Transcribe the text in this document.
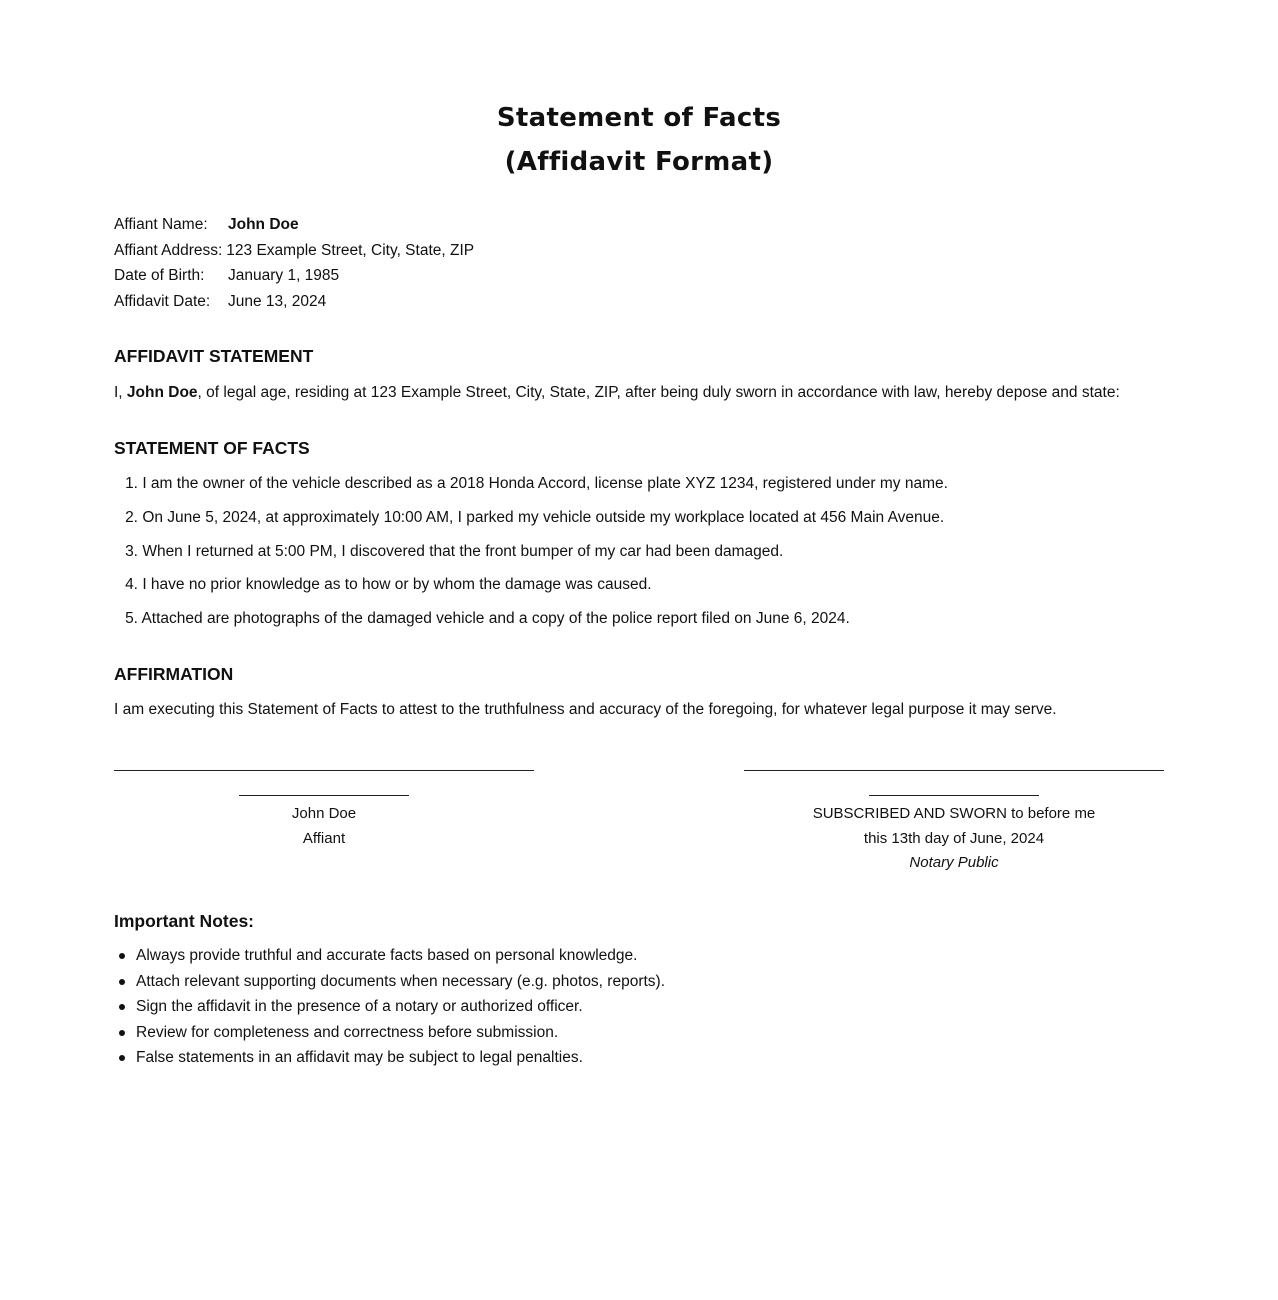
Statement of Facts
(Affidavit Format)
Affiant Name: John Doe
Affiant Address: 123 Example Street, City, State, ZIP
Date of Birth: January 1, 1985
Affidavit Date: June 13, 2024
AFFIDAVIT STATEMENT
I, John Doe, of legal age, residing at 123 Example Street, City, State, ZIP, after being duly sworn in accordance with law, hereby depose and state:
STATEMENT OF FACTS
1. I am the owner of the vehicle described as a 2018 Honda Accord, license plate XYZ 1234, registered under my name.
2. On June 5, 2024, at approximately 10:00 AM, I parked my vehicle outside my workplace located at 456 Main Avenue.
3. When I returned at 5:00 PM, I discovered that the front bumper of my car had been damaged.
4. I have no prior knowledge as to how or by whom the damage was caused.
5. Attached are photographs of the damaged vehicle and a copy of the police report filed on June 6, 2024.
AFFIRMATION
I am executing this Statement of Facts to attest to the truthfulness and accuracy of the foregoing, for whatever legal purpose it may serve.
John Doe
Affiant
SUBSCRIBED AND SWORN to before me
this 13th day of June, 2024
Notary Public
Important Notes:
Always provide truthful and accurate facts based on personal knowledge.
Attach relevant supporting documents when necessary (e.g. photos, reports).
Sign the affidavit in the presence of a notary or authorized officer.
Review for completeness and correctness before submission.
False statements in an affidavit may be subject to legal penalties.
